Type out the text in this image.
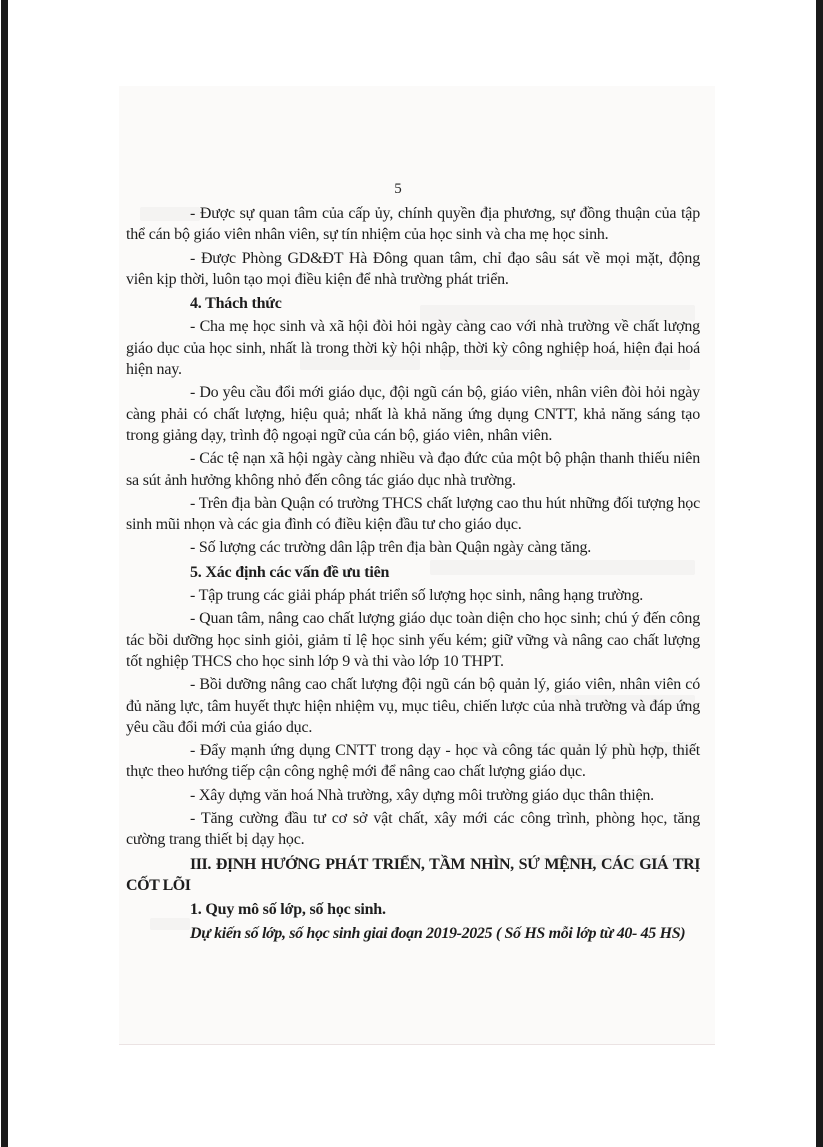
5

- Được sự quan tâm của cấp ủy, chính quyền địa phương, sự đồng thuận của tập thể cán bộ giáo viên nhân viên, sự tín nhiệm của học sinh và cha mẹ học sinh.

- Được Phòng GD&ĐT Hà Đông quan tâm, chỉ đạo sâu sát về mọi mặt, động viên kịp thời, luôn tạo mọi điều kiện để nhà trường phát triển.

4. Thách thức

- Cha mẹ học sinh và xã hội đòi hỏi ngày càng cao với nhà trường về chất lượng giáo dục của học sinh, nhất là trong thời kỳ hội nhập, thời kỳ công nghiệp hoá, hiện đại hoá hiện nay.

- Do yêu cầu đổi mới giáo dục, đội ngũ cán bộ, giáo viên, nhân viên đòi hỏi ngày càng phải có chất lượng, hiệu quả; nhất là khả năng ứng dụng CNTT, khả năng sáng tạo trong giảng dạy, trình độ ngoại ngữ của cán bộ, giáo viên, nhân viên.

- Các tệ nạn xã hội ngày càng nhiều và đạo đức của một bộ phận thanh thiếu niên sa sút ảnh hưởng không nhỏ đến công tác giáo dục nhà trường.

- Trên địa bàn Quận có trường THCS chất lượng cao thu hút những đối tượng học sinh mũi nhọn và các gia đình có điều kiện đầu tư cho giáo dục.

- Số lượng các trường dân lập trên địa bàn Quận ngày càng tăng.

5. Xác định các vấn đề ưu tiên

- Tập trung các giải pháp phát triển số lượng học sinh, nâng hạng trường.

- Quan tâm, nâng cao chất lượng giáo dục toàn diện cho học sinh; chú ý đến công tác bồi dưỡng học sinh giỏi, giảm tỉ lệ học sinh yếu kém; giữ vững và nâng cao chất lượng tốt nghiệp THCS cho học sinh lớp 9 và thi vào lớp 10 THPT.

- Bồi dưỡng nâng cao chất lượng đội ngũ cán bộ quản lý, giáo viên, nhân viên có đủ năng lực, tâm huyết thực hiện nhiệm vụ, mục tiêu, chiến lược của nhà trường và đáp ứng yêu cầu đổi mới của giáo dục.

- Đẩy mạnh ứng dụng CNTT trong dạy - học và công tác quản lý phù hợp, thiết thực theo hướng tiếp cận công nghệ mới để nâng cao chất lượng giáo dục.

- Xây dựng văn hoá Nhà trường, xây dựng môi trường giáo dục thân thiện.

- Tăng cường đầu tư cơ sở vật chất, xây mới các công trình, phòng học, tăng cường trang thiết bị dạy học.

III. ĐỊNH HƯỚNG PHÁT TRIỂN, TẦM NHÌN, SỨ MỆNH, CÁC GIÁ TRỊ CỐT LÕI

1. Quy mô số lớp, số học sinh.

Dự kiến số lớp, số học sinh giai đoạn 2019-2025 ( Số HS mỗi lớp từ 40- 45 HS)
